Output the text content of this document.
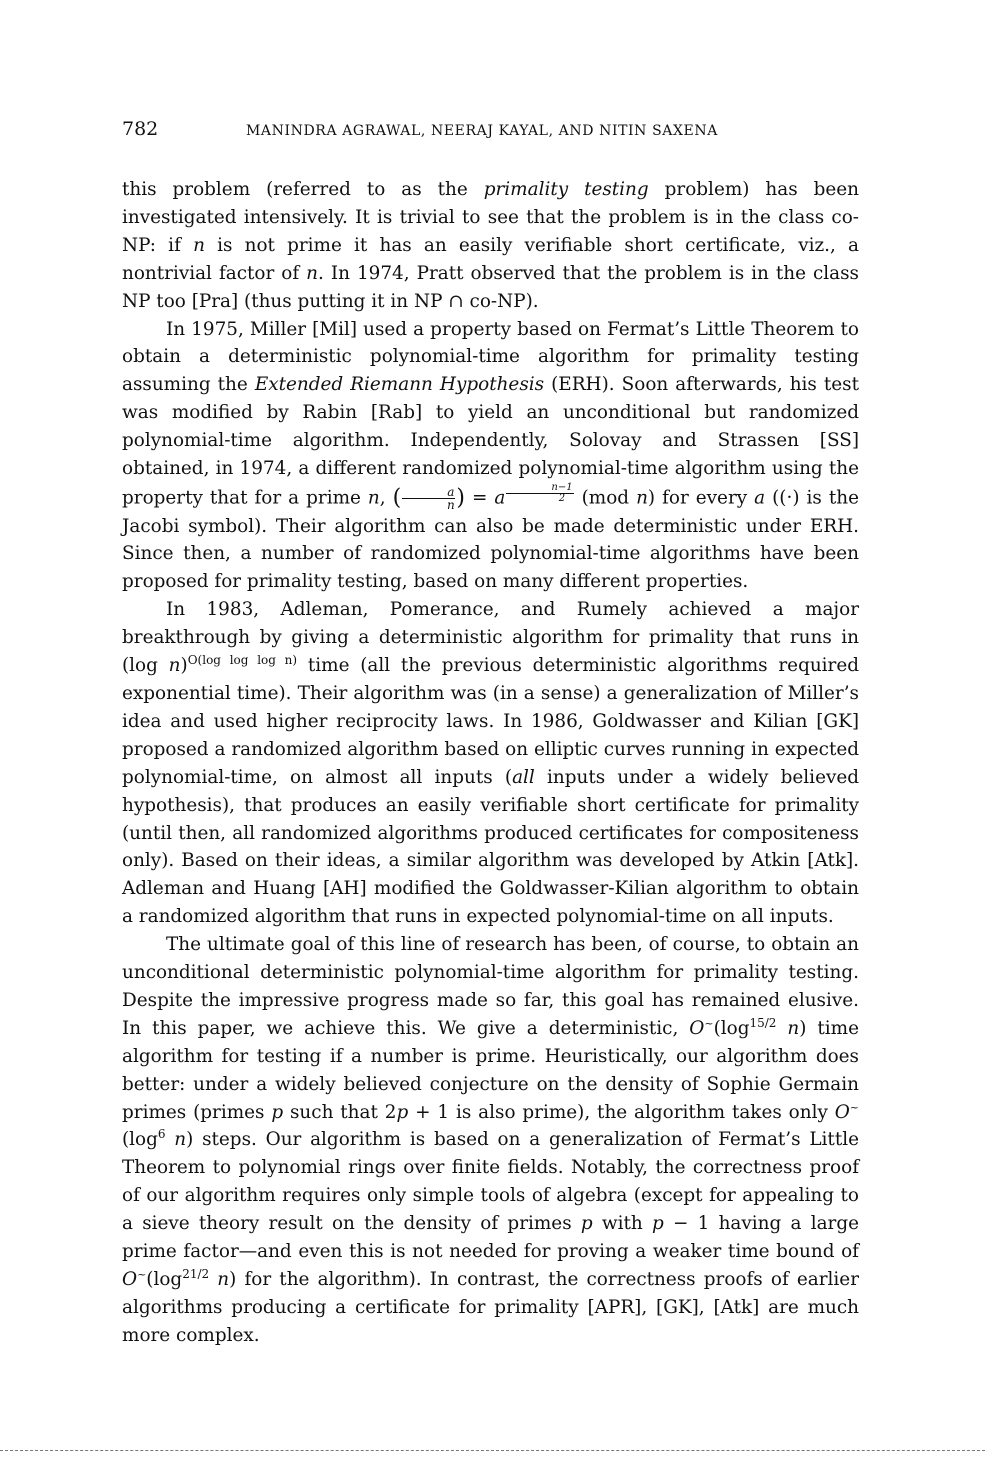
782	MANINDRA AGRAWAL, NEERAJ KAYAL, AND NITIN SAXENA

this problem (referred to as the primality testing problem) has been investigated intensively. It is trivial to see that the problem is in the class co-NP: if n is not prime it has an easily verifiable short certificate, viz., a nontrivial factor of n. In 1974, Pratt observed that the problem is in the class NP too [Pra] (thus putting it in NP ∩ co-NP).

In 1975, Miller [Mil] used a property based on Fermat’s Little Theorem to obtain a deterministic polynomial-time algorithm for primality testing assuming the Extended Riemann Hypothesis (ERH). Soon afterwards, his test was modified by Rabin [Rab] to yield an unconditional but randomized polynomial-time algorithm. Independently, Solovay and Strassen [SS] obtained, in 1974, a different randomized polynomial-time algorithm using the property that for a prime n, ( $\frac{a}{n}$ ) = a $^{\frac{n-1}{2}}$ (mod n) for every a ((·) is the Jacobi symbol). Their algorithm can also be made deterministic under ERH. Since then, a number of randomized polynomial-time algorithms have been proposed for primality testing, based on many different properties.

In 1983, Adleman, Pomerance, and Rumely achieved a major breakthrough by giving a deterministic algorithm for primality that runs in (log n)$^{O(log log log n)}$ time (all the previous deterministic algorithms required exponential time). Their algorithm was (in a sense) a generalization of Miller’s idea and used higher reciprocity laws. In 1986, Goldwasser and Kilian [GK] proposed a randomized algorithm based on elliptic curves running in expected polynomial-time, on almost all inputs (all inputs under a widely believed hypothesis), that produces an easily verifiable short certificate for primality (until then, all randomized algorithms produced certificates for compositeness only). Based on their ideas, a similar algorithm was developed by Atkin [Atk]. Adleman and Huang [AH] modified the Goldwasser-Kilian algorithm to obtain a randomized algorithm that runs in expected polynomial-time on all inputs.

The ultimate goal of this line of research has been, of course, to obtain an unconditional deterministic polynomial-time algorithm for primality testing. Despite the impressive progress made so far, this goal has remained elusive. In this paper, we achieve this. We give a deterministic, $O^\sim(\log^{15/2}$ n) time algorithm for testing if a number is prime. Heuristically, our algorithm does better: under a widely believed conjecture on the density of Sophie Germain primes (primes p such that 2p + 1 is also prime), the algorithm takes only $O^\sim(\log^6$ n) steps. Our algorithm is based on a generalization of Fermat’s Little Theorem to polynomial rings over finite fields. Notably, the correctness proof of our algorithm requires only simple tools of algebra (except for appealing to a sieve theory result on the density of primes p with p − 1 having a large prime factor—and even this is not needed for proving a weaker time bound of $O^\sim(\log^{21/2}$ n) for the algorithm). In contrast, the correctness proofs of earlier algorithms producing a certificate for primality [APR], [GK], [Atk] are much more complex.
